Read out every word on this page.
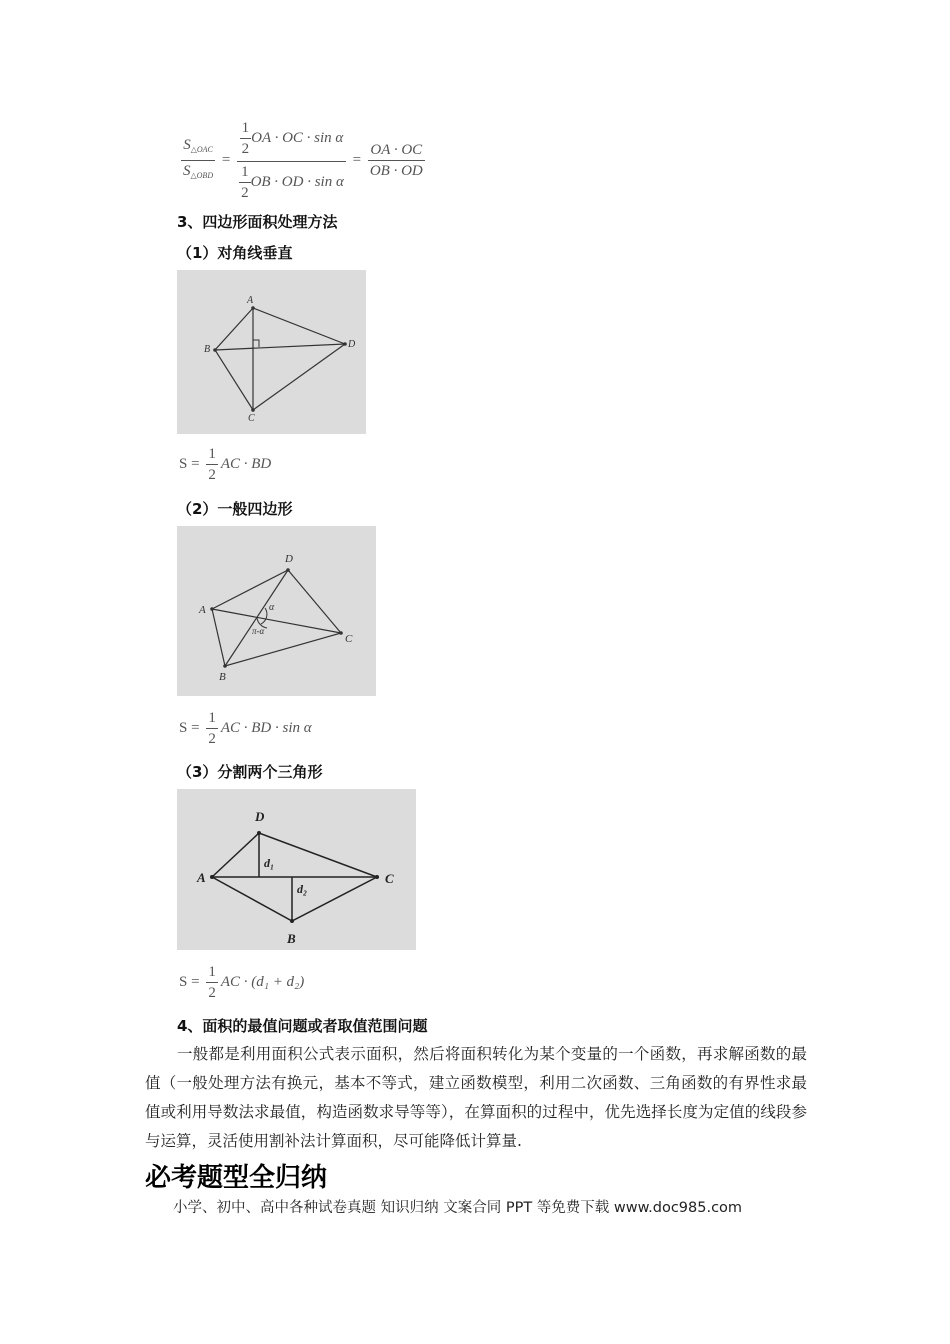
$\frac{S_{\triangle OAC}}{S_{\triangle OBD}} = \frac{\frac{1}{2} OA \cdot OC \cdot \sin \alpha}{\frac{1}{2} OB \cdot OD \cdot \sin \alpha} = \frac{OA \cdot OC}{OB \cdot OD}$
3、四边形面积处理方法
（1）对角线垂直
A
B
C
D
$S = \frac{1}{2}$ AC · BD
（2）一般四边形
A
D
C
B
α
π-α
$S = \frac{1}{2}$ AC · BD · sin α
（3）分割两个三角形
A
D
C
B
d₁
d₂
$S = \frac{1}{2}$ AC · (d₁ + d₂)
4、面积的最值问题或者取值范围问题
一般都是利用面积公式表示面积，然后将面积转化为某个变量的一个函数，再求解函数的最值（一般处理方法有换元，基本不等式，建立函数模型，利用二次函数、三角函数的有界性求最值或利用导数法求最值，构造函数求导等等），在算面积的过程中，优先选择长度为定值的线段参与运算，灵活使用割补法计算面积，尽可能降低计算量.
必考题型全归纳
小学、初中、高中各种试卷真题 知识归纳 文案合同 PPT 等免费下载 www.doc985.com
